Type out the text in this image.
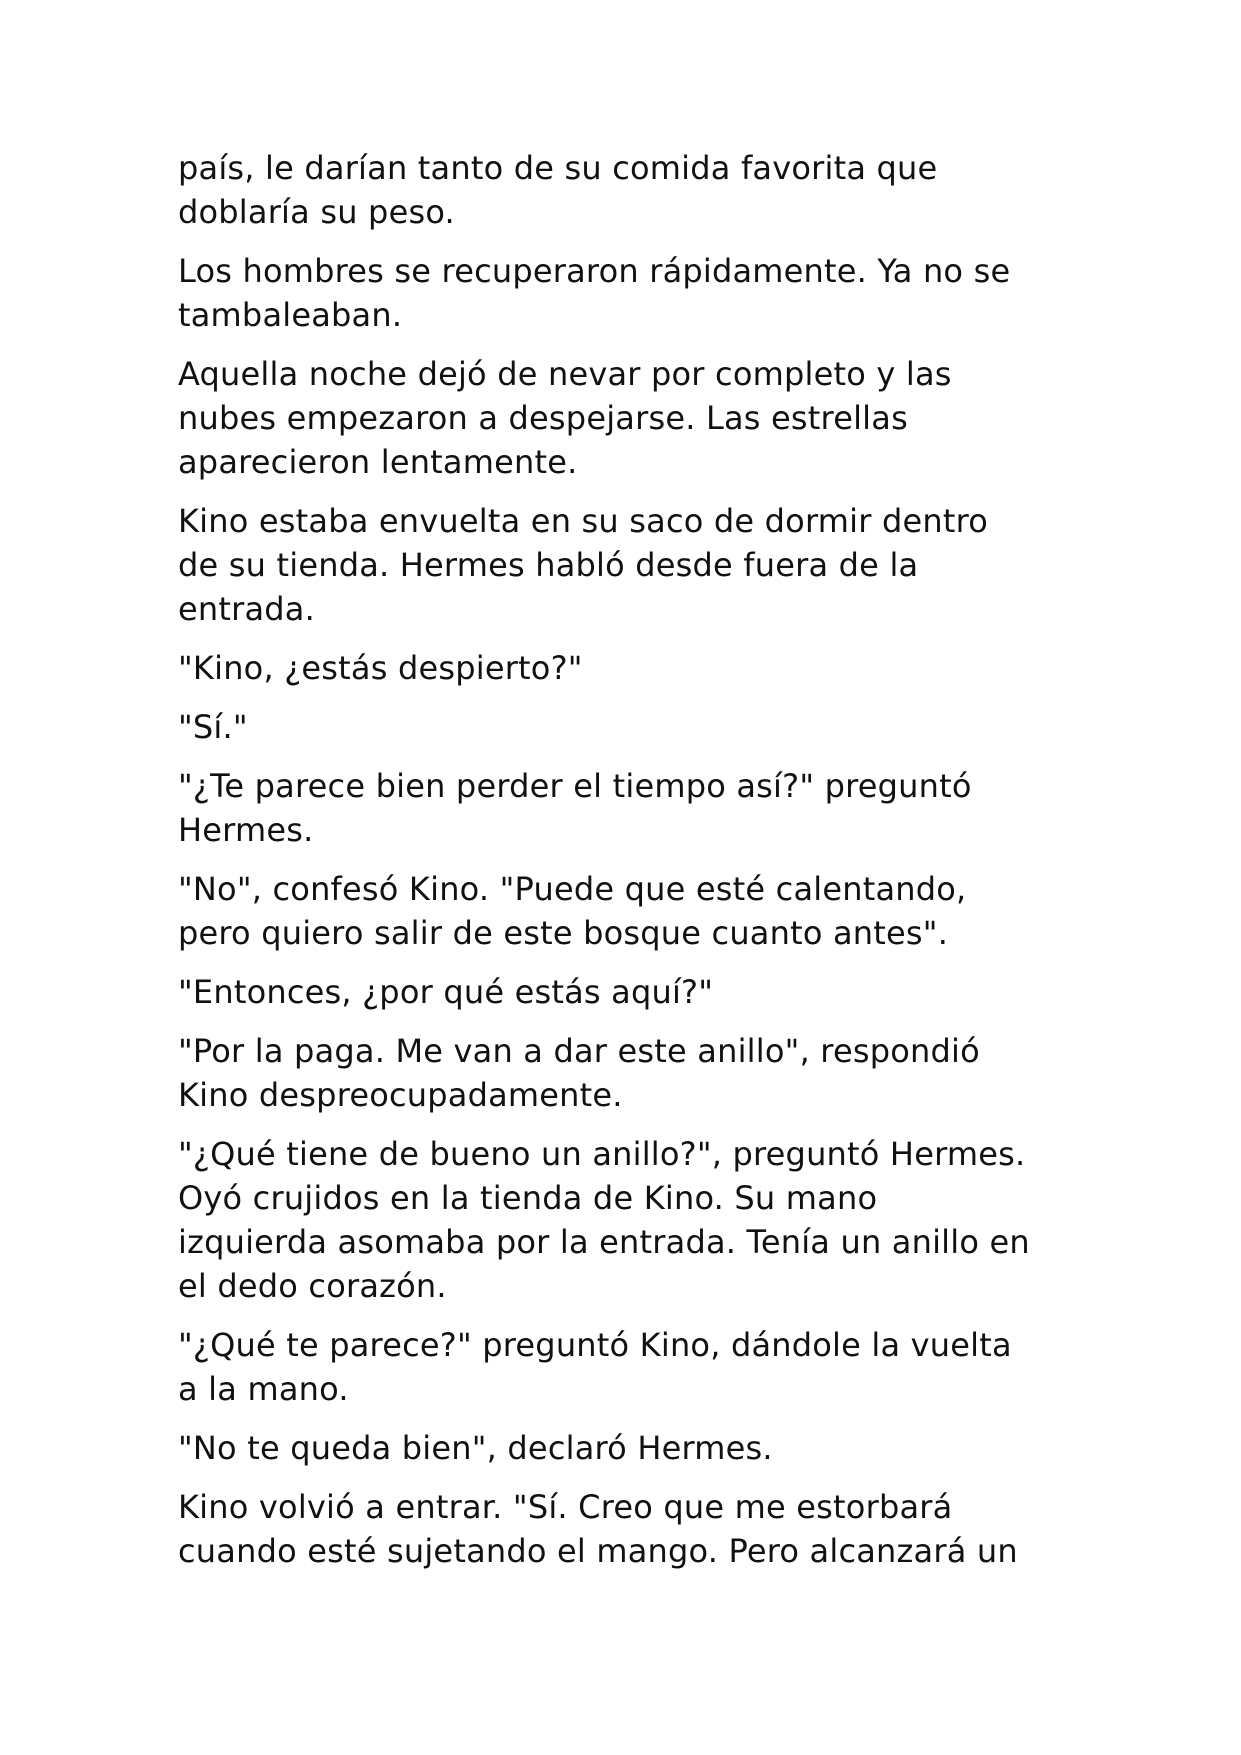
país, le darían tanto de su comida favorita que
doblaría su peso.

Los hombres se recuperaron rápidamente. Ya no se
tambaleaban.

Aquella noche dejó de nevar por completo y las
nubes empezaron a despejarse. Las estrellas
aparecieron lentamente.

Kino estaba envuelta en su saco de dormir dentro
de su tienda. Hermes habló desde fuera de la
entrada.

"Kino, ¿estás despierto?"

"Sí."

"¿Te parece bien perder el tiempo así?" preguntó
Hermes.

"No", confesó Kino. "Puede que esté calentando,
pero quiero salir de este bosque cuanto antes".

"Entonces, ¿por qué estás aquí?"

"Por la paga. Me van a dar este anillo", respondió
Kino despreocupadamente.

"¿Qué tiene de bueno un anillo?", preguntó Hermes.
Oyó crujidos en la tienda de Kino. Su mano
izquierda asomaba por la entrada. Tenía un anillo en
el dedo corazón.

"¿Qué te parece?" preguntó Kino, dándole la vuelta
a la mano.

"No te queda bien", declaró Hermes.

Kino volvió a entrar. "Sí. Creo que me estorbará
cuando esté sujetando el mango. Pero alcanzará un
